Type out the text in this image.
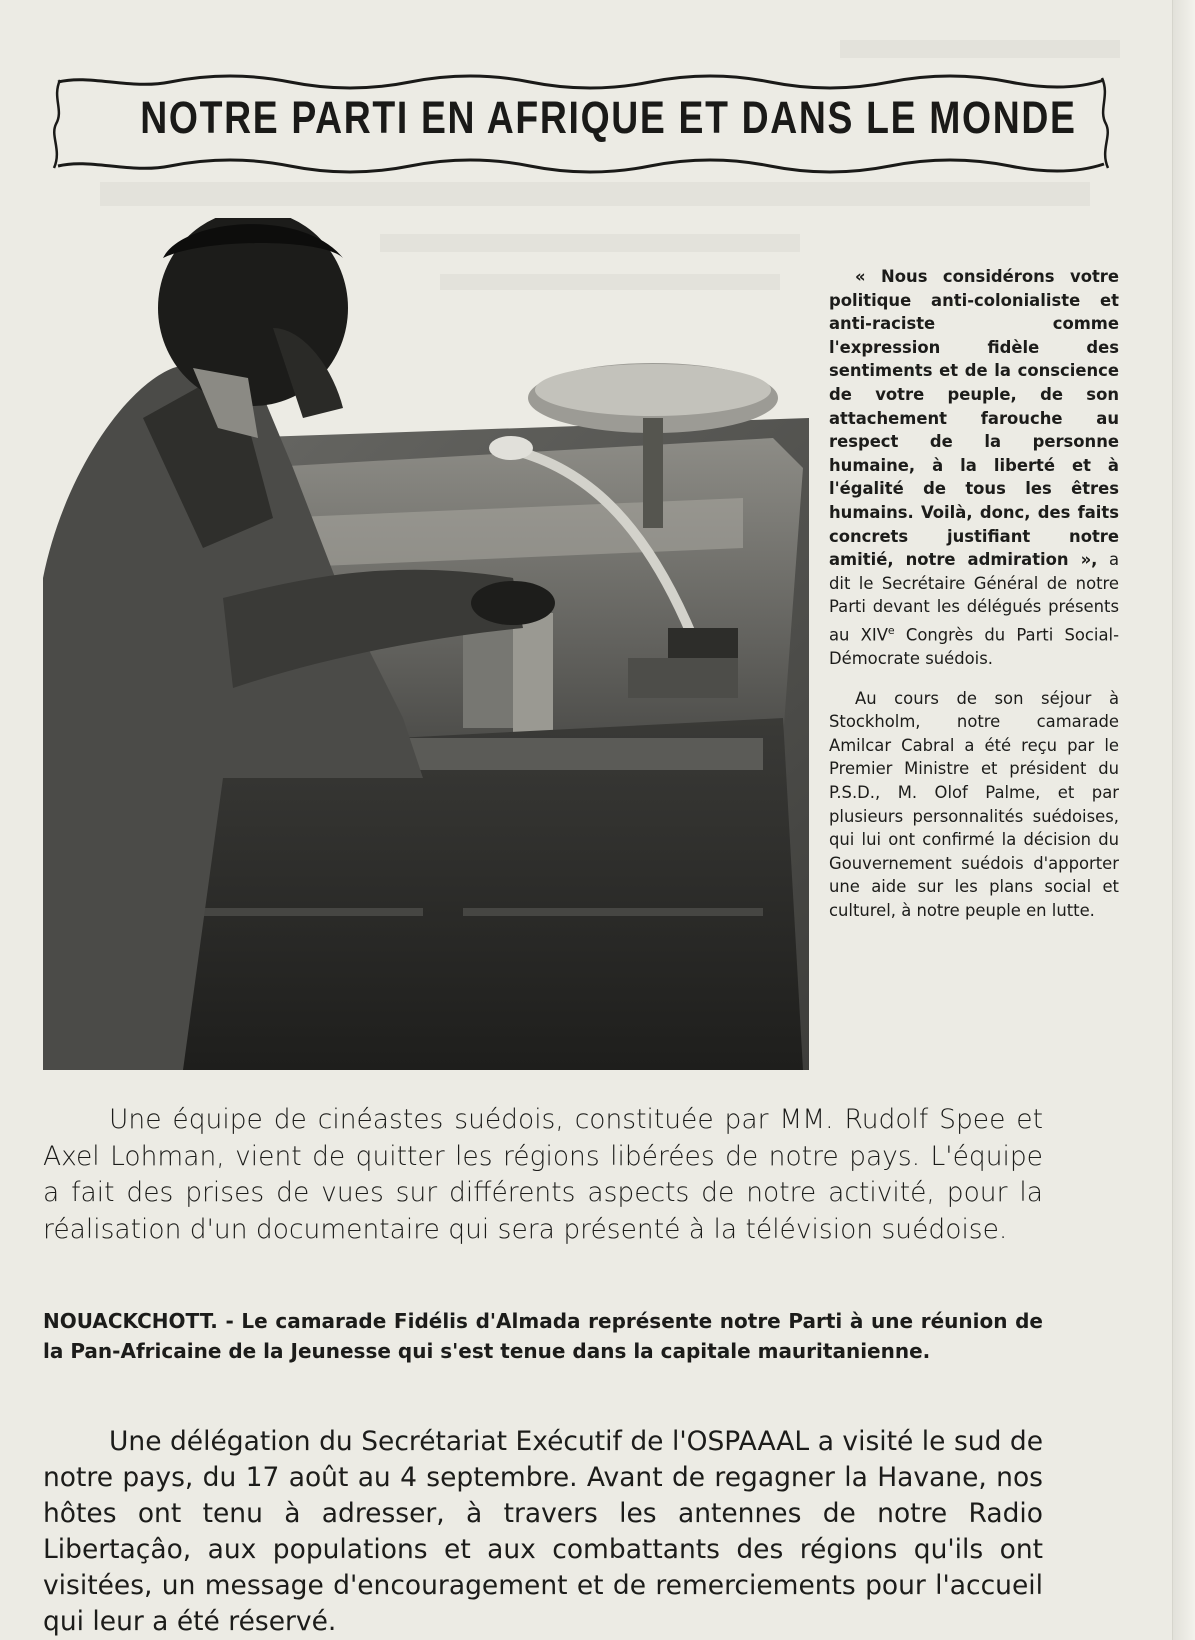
NOTRE PARTI EN AFRIQUE ET DANS LE MONDE

« Nous considérons votre politique anti-colonialiste et anti-raciste comme l'expression fidèle des sentiments et de la conscience de votre peuple, de son attachement farouche au respect de la personne humaine, à la liberté et à l'égalité de tous les êtres humains. Voilà, donc, des faits concrets justifiant notre amitié, notre admiration », a dit le Secrétaire Général de notre Parti devant les délégués présents au XIVe Congrès du Parti Social-Démocrate suédois.

Au cours de son séjour à Stockholm, notre camarade Amilcar Cabral a été reçu par le Premier Ministre et président du P.S.D., M. Olof Palme, et par plusieurs personnalités suédoises, qui lui ont confirmé la décision du Gouvernement suédois d'apporter une aide sur les plans social et culturel, à notre peuple en lutte.

Une équipe de cinéastes suédois, constituée par MM. Rudolf Spee et Axel Lohman, vient de quitter les régions libérées de notre pays. L'équipe a fait des prises de vues sur différents aspects de notre activité, pour la réalisation d'un documentaire qui sera présenté à la télévision suédoise.

NOUACKCHOTT. - Le camarade Fidélis d'Almada représente notre Parti à une réunion de la Pan-Africaine de la Jeunesse qui s'est tenue dans la capitale mauritanienne.

Une délégation du Secrétariat Exécutif de l'OSPAAAL a visité le sud de notre pays, du 17 août au 4 septembre. Avant de regagner la Havane, nos hôtes ont tenu à adresser, à travers les antennes de notre Radio Libertaçâo, aux populations et aux combattants des régions qu'ils ont visitées, un message d'encouragement et de remerciements pour l'accueil qui leur a été réservé.
